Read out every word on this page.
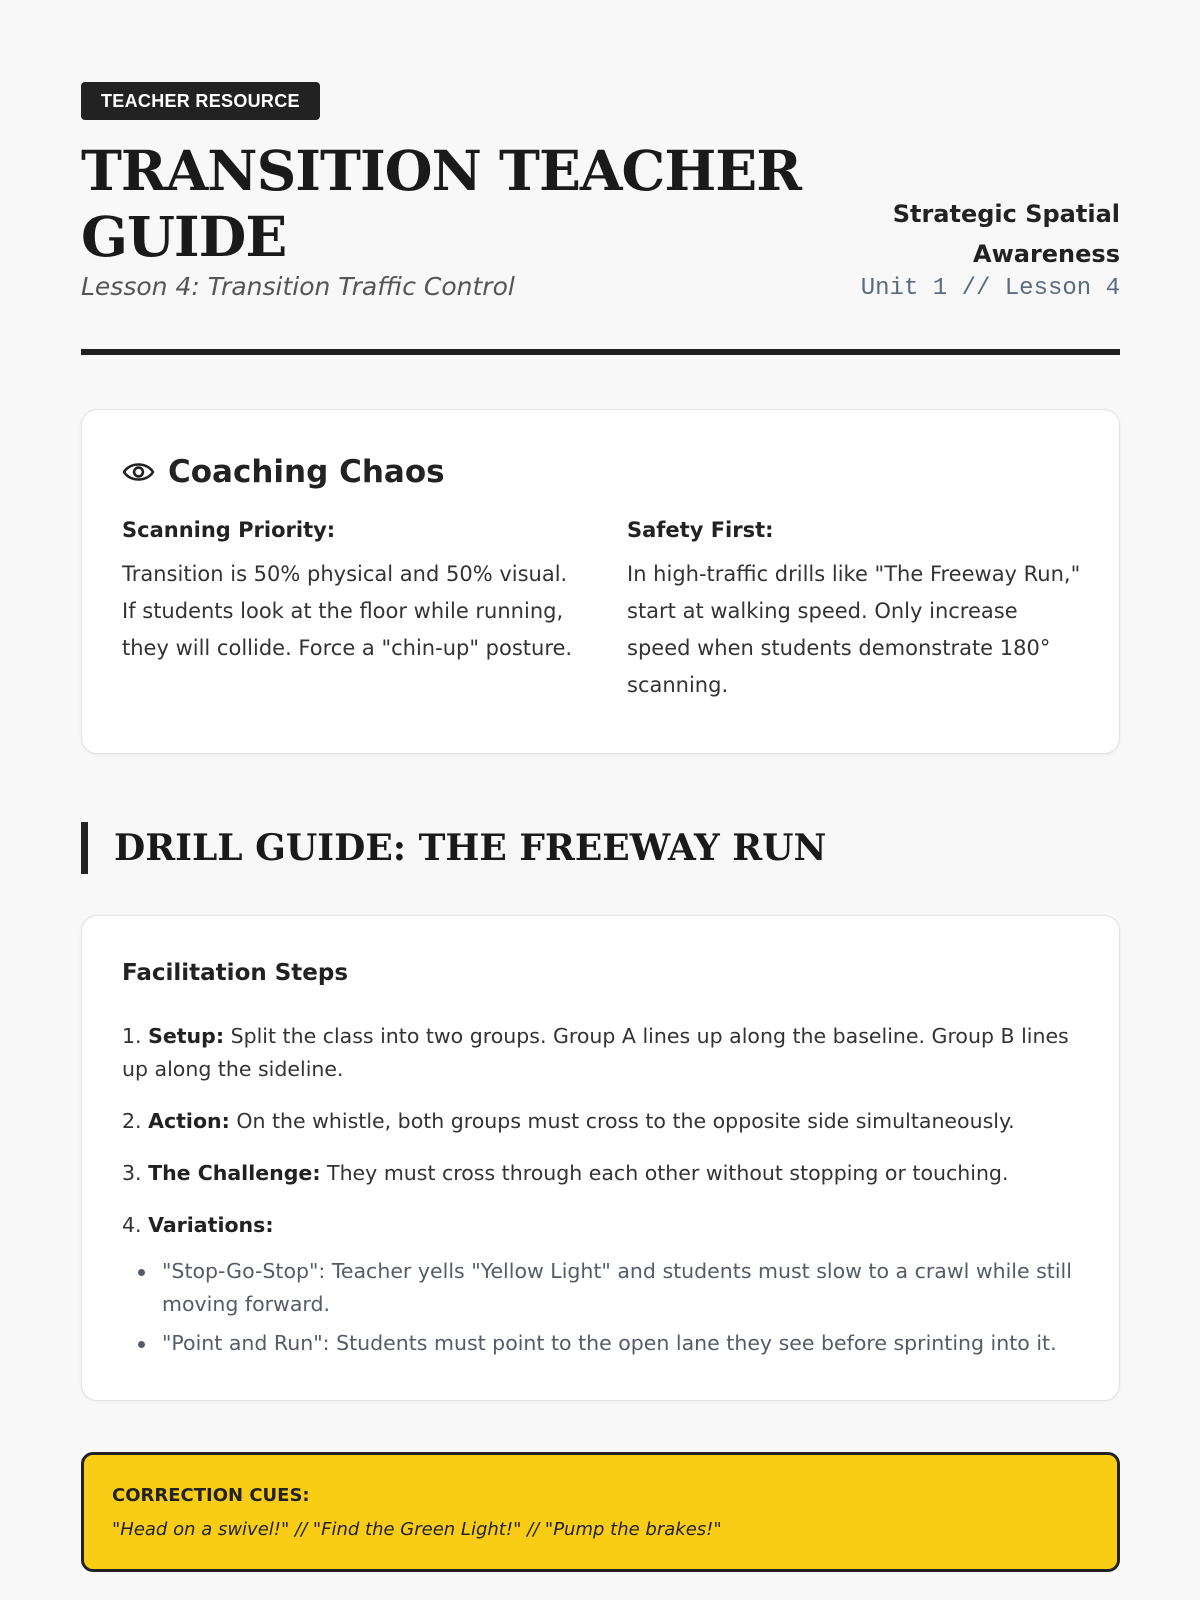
TEACHER RESOURCE
TRANSITION TEACHER GUIDE
Lesson 4: Transition Traffic Control
Strategic Spatial Awareness
Unit 1 // Lesson 4
Coaching Chaos
Scanning Priority:
Transition is 50% physical and 50% visual. If students look at the floor while running, they will collide. Force a "chin-up" posture.
Safety First:
In high-traffic drills like "The Freeway Run," start at walking speed. Only increase speed when students demonstrate 180° scanning.
DRILL GUIDE: THE FREEWAY RUN
Facilitation Steps
1. Setup: Split the class into two groups. Group A lines up along the baseline. Group B lines up along the sideline.
2. Action: On the whistle, both groups must cross to the opposite side simultaneously.
3. The Challenge: They must cross through each other without stopping or touching.
4. Variations:
"Stop-Go-Stop": Teacher yells "Yellow Light" and students must slow to a crawl while still moving forward.
"Point and Run": Students must point to the open lane they see before sprinting into it.
CORRECTION CUES:
"Head on a swivel!" // "Find the Green Light!" // "Pump the brakes!"
